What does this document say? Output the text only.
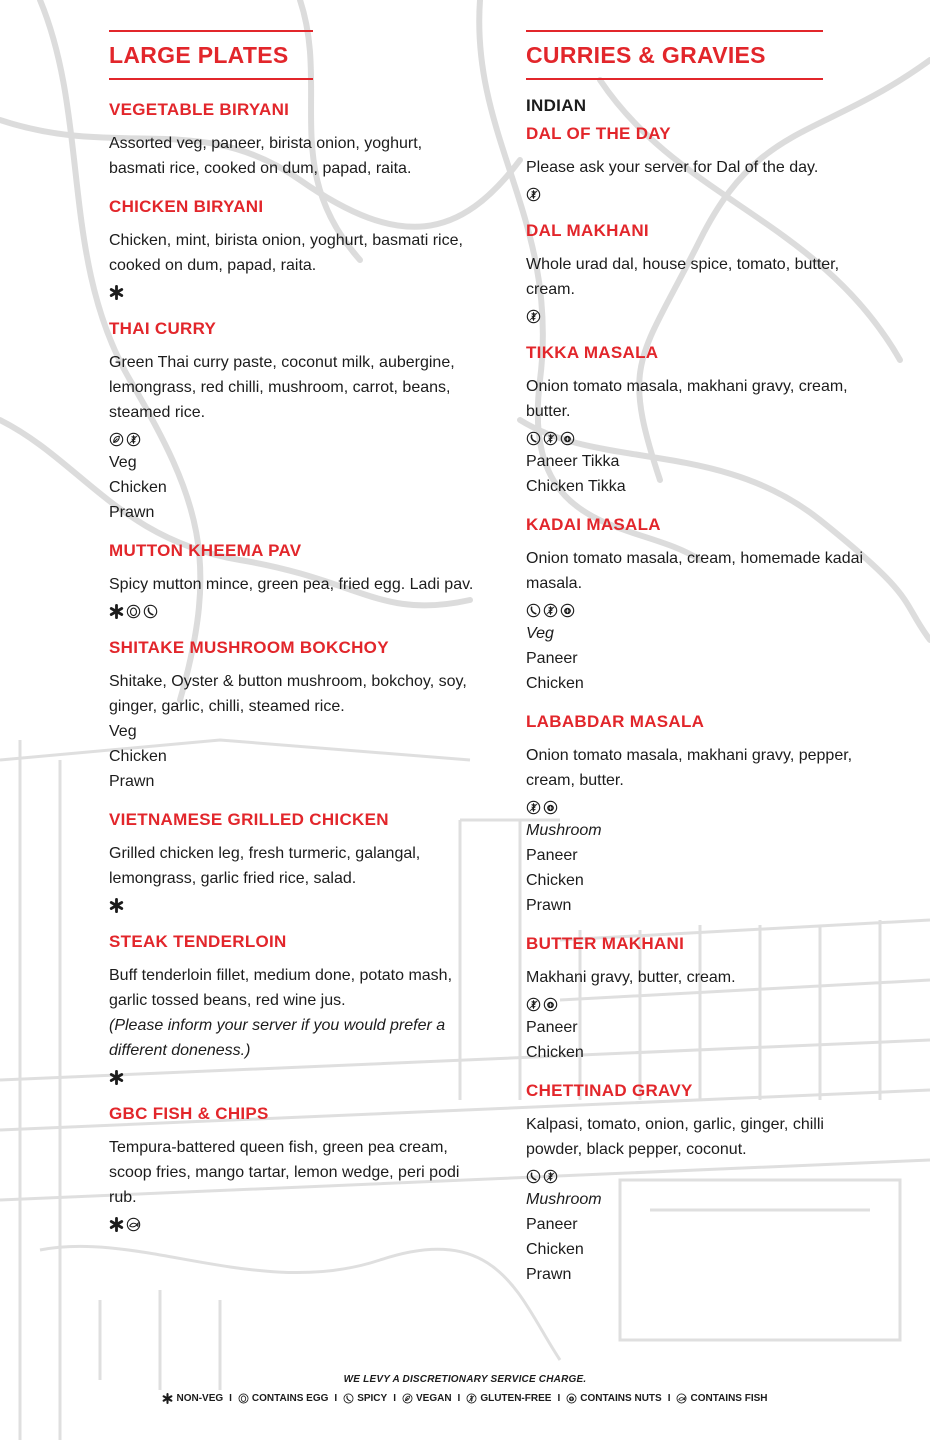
LARGE PLATES
VEGETABLE BIRYANI
Assorted veg, paneer, birista onion, yoghurt, basmati rice, cooked on dum, papad, raita.
CHICKEN BIRYANI
Chicken, mint, birista onion, yoghurt, basmati rice, cooked on dum, papad, raita.
THAI CURRY
Green Thai curry paste, coconut milk, aubergine, lemongrass, red chilli, mushroom, carrot, beans, steamed rice.
Veg
Chicken
Prawn
MUTTON KHEEMA PAV
Spicy mutton mince, green pea, fried egg. Ladi pav.
SHITAKE MUSHROOM BOKCHOY
Shitake, Oyster & button mushroom, bokchoy, soy, ginger, garlic, chilli, steamed rice.
Veg
Chicken
Prawn
VIETNAMESE GRILLED CHICKEN
Grilled chicken leg, fresh turmeric, galangal, lemongrass, garlic fried rice, salad.
STEAK TENDERLOIN
Buff tenderloin fillet, medium done, potato mash, garlic tossed beans, red wine jus.
(Please inform your server if you would prefer a different doneness.)
GBC FISH & CHIPS
Tempura-battered queen fish, green pea cream, scoop fries, mango tartar, lemon wedge, peri podi rub.
CURRIES & GRAVIES
INDIAN
DAL OF THE DAY
Please ask your server for Dal of the day.
DAL MAKHANI
Whole urad dal, house spice, tomato, butter, cream.
TIKKA MASALA
Onion tomato masala, makhani gravy, cream, butter.
Paneer Tikka
Chicken Tikka
KADAI MASALA
Onion tomato masala, cream, homemade kadai masala.
Veg
Paneer
Chicken
LABABDAR MASALA
Onion tomato masala, makhani gravy, pepper, cream, butter.
Mushroom
Paneer
Chicken
Prawn
BUTTER MAKHANI
Makhani gravy, butter, cream.
Paneer
Chicken
CHETTINAD GRAVY
Kalpasi, tomato, onion, garlic, ginger, chilli powder, black pepper, coconut.
Mushroom
Paneer
Chicken
Prawn
WE LEVY A DISCRETIONARY SERVICE CHARGE.
NON-VEG I CONTAINS EGG I SPICY I VEGAN I GLUTEN-FREE I CONTAINS NUTS I CONTAINS FISH
